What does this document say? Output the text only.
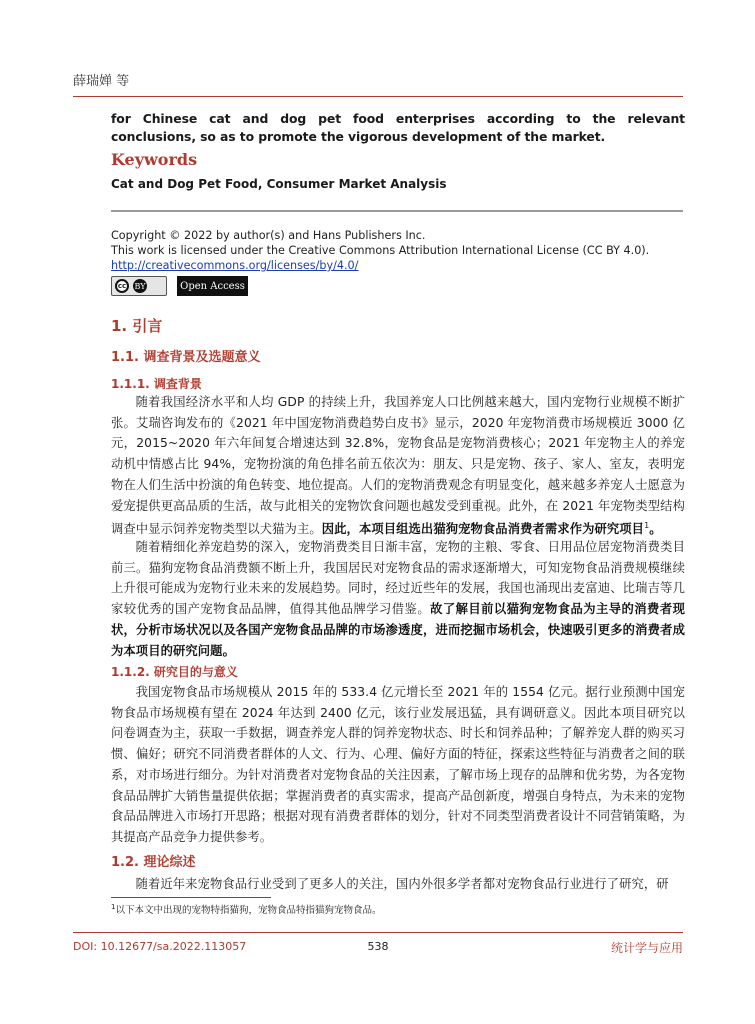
薛瑞婵 等
for Chinese cat and dog pet food enterprises according to the relevant conclusions, so as to promote the vigorous development of the market.
Keywords
Cat and Dog Pet Food, Consumer Market Analysis
Copyright © 2022 by author(s) and Hans Publishers Inc.
This work is licensed under the Creative Commons Attribution International License (CC BY 4.0).
http://creativecommons.org/licenses/by/4.0/
cc	BY	Open Access
1. 引言
1.1. 调查背景及选题意义
1.1.1. 调查背景
随着我国经济水平和人均 GDP 的持续上升，我国养宠人口比例越来越大，国内宠物行业规模不断扩张。艾瑞咨询发布的《2021 年中国宠物消费趋势白皮书》显示，2020 年宠物消费市场规模近 3000 亿元，2015~2020 年六年间复合增速达到 32.8%，宠物食品是宠物消费核心；2021 年宠物主人的养宠动机中情感占比 94%，宠物扮演的角色排名前五依次为：朋友、只是宠物、孩子、家人、室友，表明宠物在人们生活中扮演的角色转变、地位提高。人们的宠物消费观念有明显变化，越来越多养宠人士愿意为爱宠提供更高品质的生活，故与此相关的宠物饮食问题也越发受到重视。此外，在 2021 年宠物类型结构调查中显示饲养宠物类型以犬猫为主。因此，本项目组选出猫狗宠物食品消费者需求作为研究项目$^1$。
随着精细化养宠趋势的深入，宠物消费类目日渐丰富，宠物的主粮、零食、日用品位居宠物消费类目前三。猫狗宠物食品消费额不断上升，我国居民对宠物食品的需求逐渐增大，可知宠物食品消费规模继续上升很可能成为宠物行业未来的发展趋势。同时，经过近些年的发展，我国也涌现出麦富迪、比瑞吉等几家较优秀的国产宠物食品品牌，值得其他品牌学习借鉴。故了解目前以猫狗宠物食品为主导的消费者现状，分析市场状况以及各国产宠物食品品牌的市场渗透度，进而挖掘市场机会，快速吸引更多的消费者成为本项目的研究问题。
1.1.2. 研究目的与意义
我国宠物食品市场规模从 2015 年的 533.4 亿元增长至 2021 年的 1554 亿元。据行业预测中国宠物食品市场规模有望在 2024 年达到 2400 亿元，该行业发展迅猛，具有调研意义。因此本项目研究以问卷调查为主，获取一手数据，调查养宠人群的饲养宠物状态、时长和饲养品种；了解养宠人群的购买习惯、偏好；研究不同消费者群体的人文、行为、心理、偏好方面的特征，探索这些特征与消费者之间的联系，对市场进行细分。为针对消费者对宠物食品的关注因素，了解市场上现存的品牌和优劣势，为各宠物食品品牌扩大销售量提供依据；掌握消费者的真实需求，提高产品创新度，增强自身特点，为未来的宠物食品品牌进入市场打开思路；根据对现有消费者群体的划分，针对不同类型消费者设计不同营销策略，为其提高产品竞争力提供参考。
1.2. 理论综述
随着近年来宠物食品行业受到了更多人的关注，国内外很多学者都对宠物食品行业进行了研究，研
$^1$以下本文中出现的宠物特指猫狗，宠物食品特指猫狗宠物食品。
DOI: 10.12677/sa.2022.113057	538	统计学与应用
